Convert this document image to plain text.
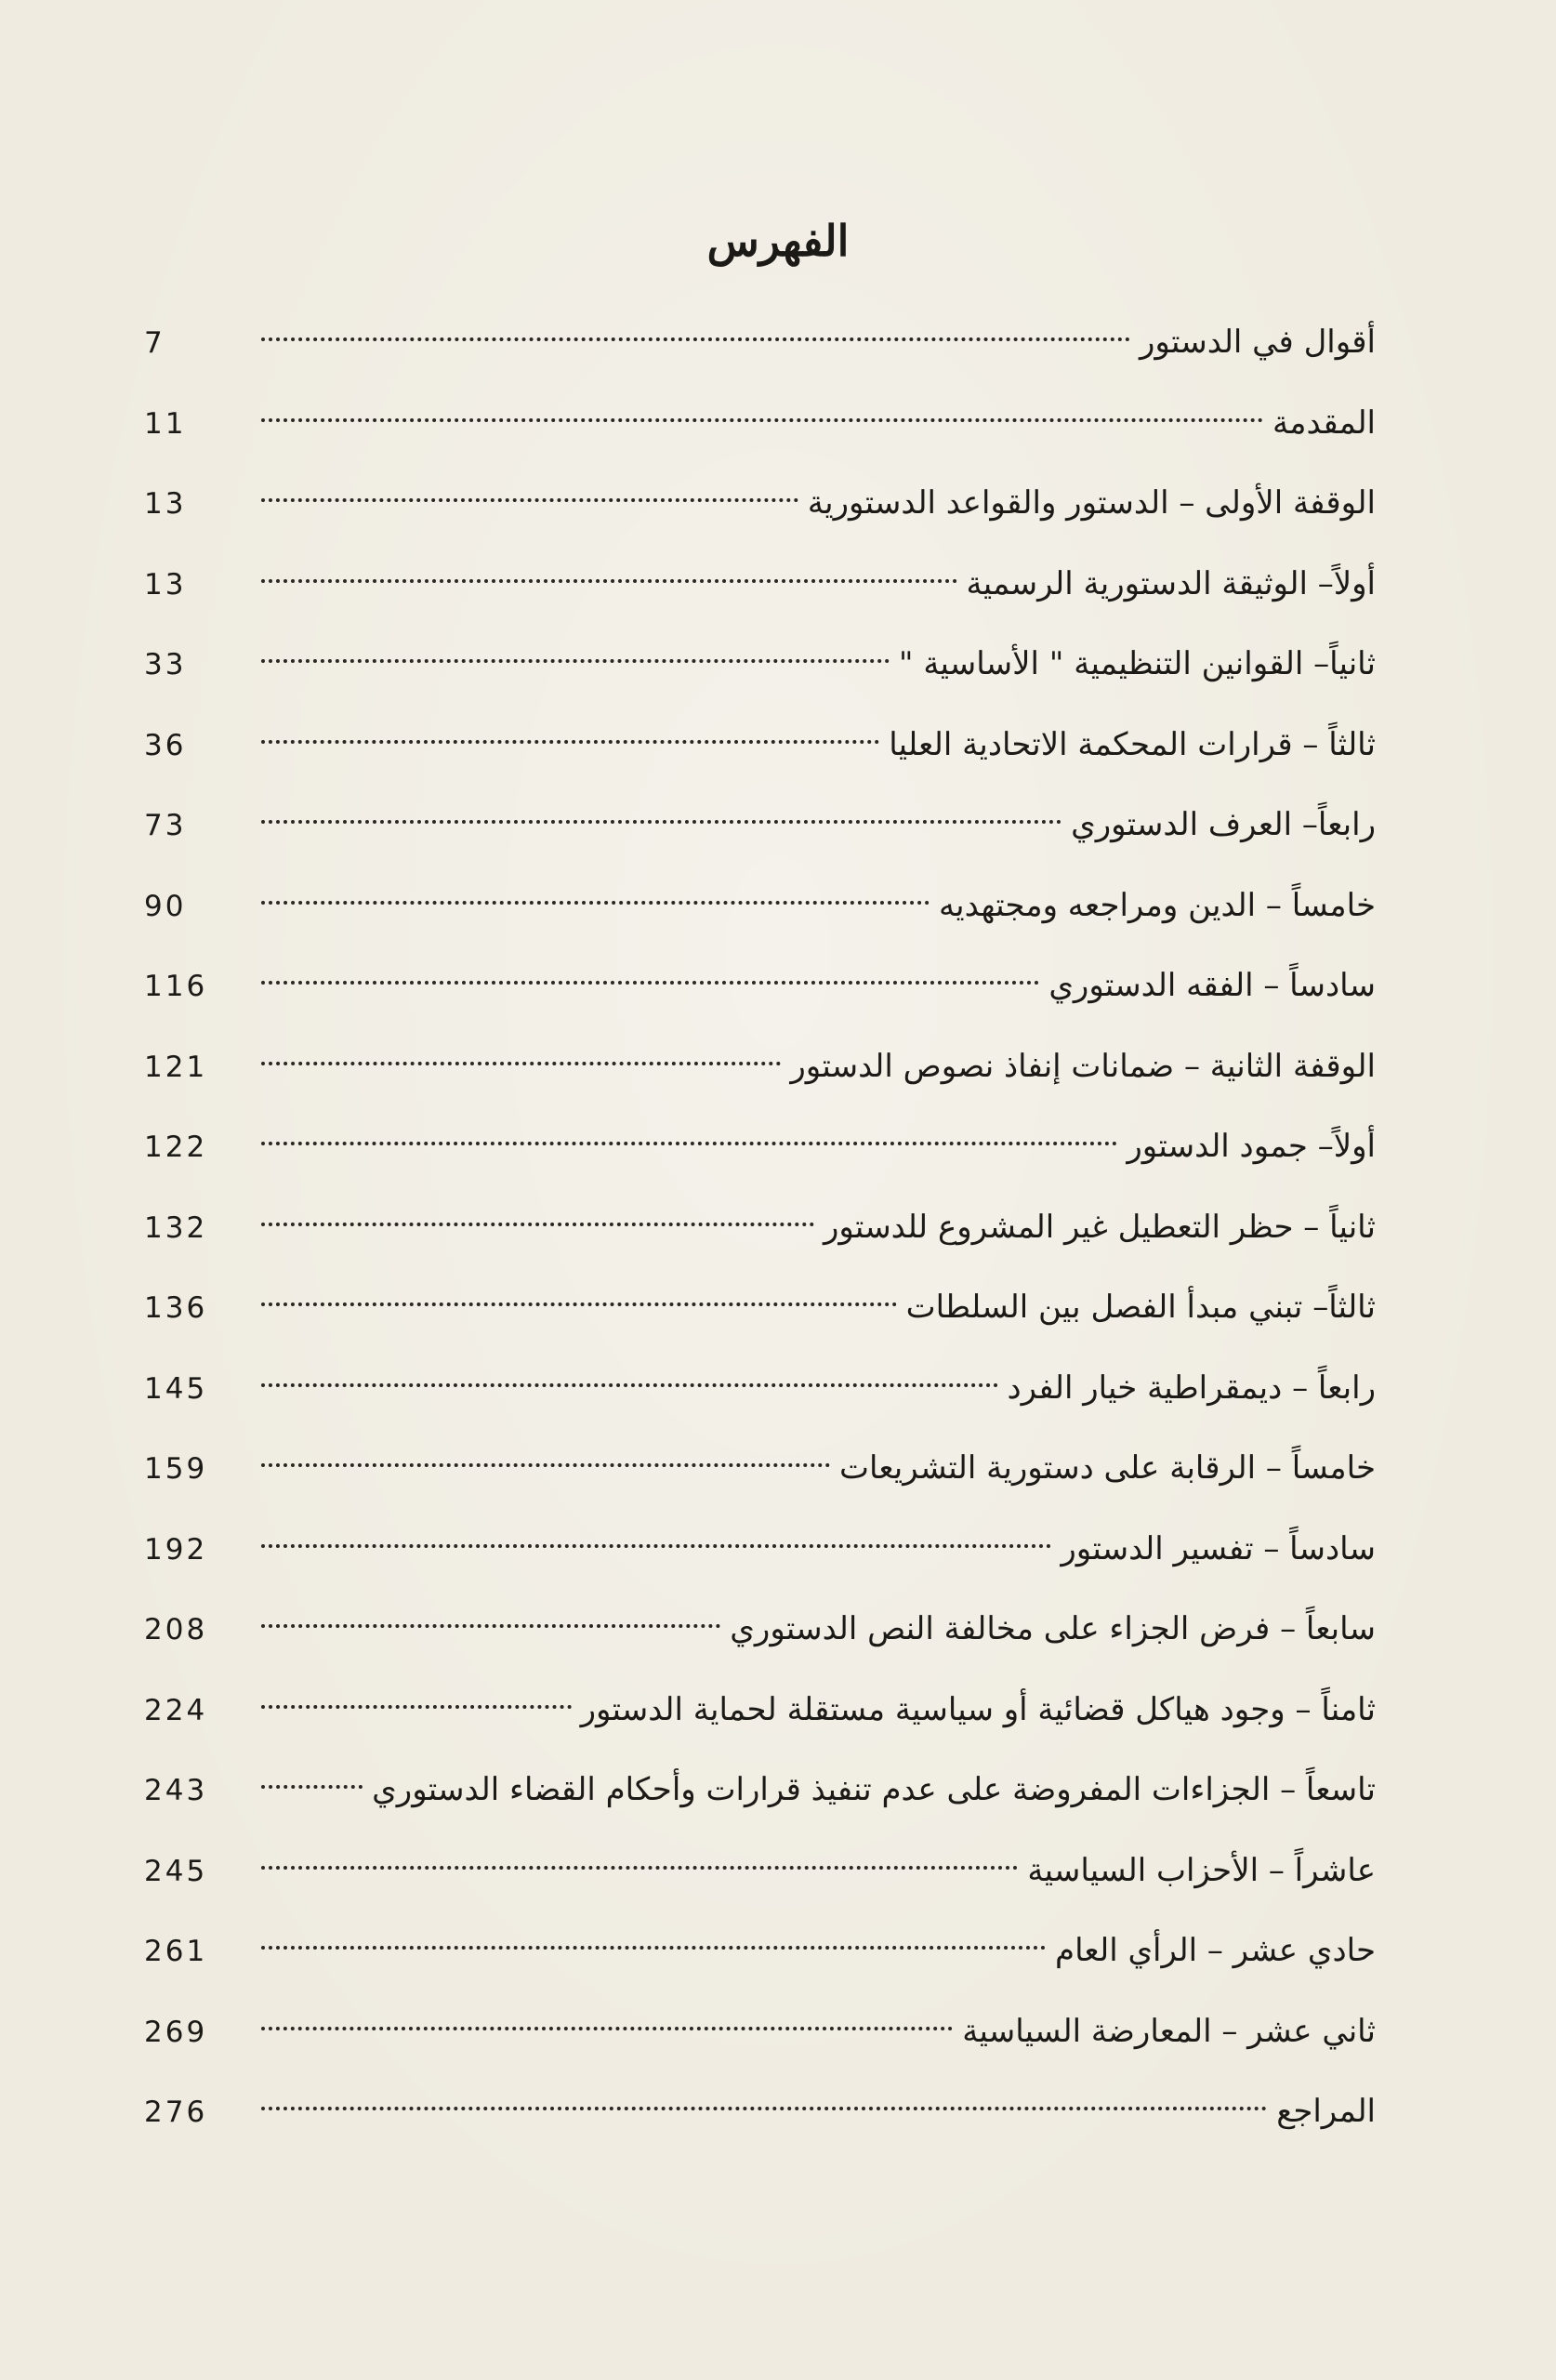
الفهرس
7	أقوال في الدستور
11	المقدمة
13	الوقفة الأولى – الدستور والقواعد الدستورية
13	أولاً– الوثيقة الدستورية الرسمية
33	ثانياً– القوانين التنظيمية " الأساسية "
36	ثالثاً – قرارات المحكمة الاتحادية العليا
73	رابعاً– العرف الدستوري
90	خامساً – الدين ومراجعه ومجتهديه
116	سادساً – الفقه الدستوري
121	الوقفة الثانية – ضمانات إنفاذ نصوص الدستور
122	أولاً– جمود الدستور
132	ثانياً – حظر التعطيل غير المشروع للدستور
136	ثالثاً– تبني مبدأ الفصل بين السلطات
145	رابعاً – ديمقراطية خيار الفرد
159	خامساً – الرقابة على دستورية التشريعات
192	سادساً – تفسير الدستور
208	سابعاً – فرض الجزاء على مخالفة النص الدستوري
224	ثامناً – وجود هياكل قضائية أو سياسية مستقلة لحماية الدستور
243	تاسعاً – الجزاءات المفروضة على عدم تنفيذ قرارات وأحكام القضاء الدستوري
245	عاشراً – الأحزاب السياسية
261	حادي عشر – الرأي العام
269	ثاني عشر – المعارضة السياسية
276	المراجع
